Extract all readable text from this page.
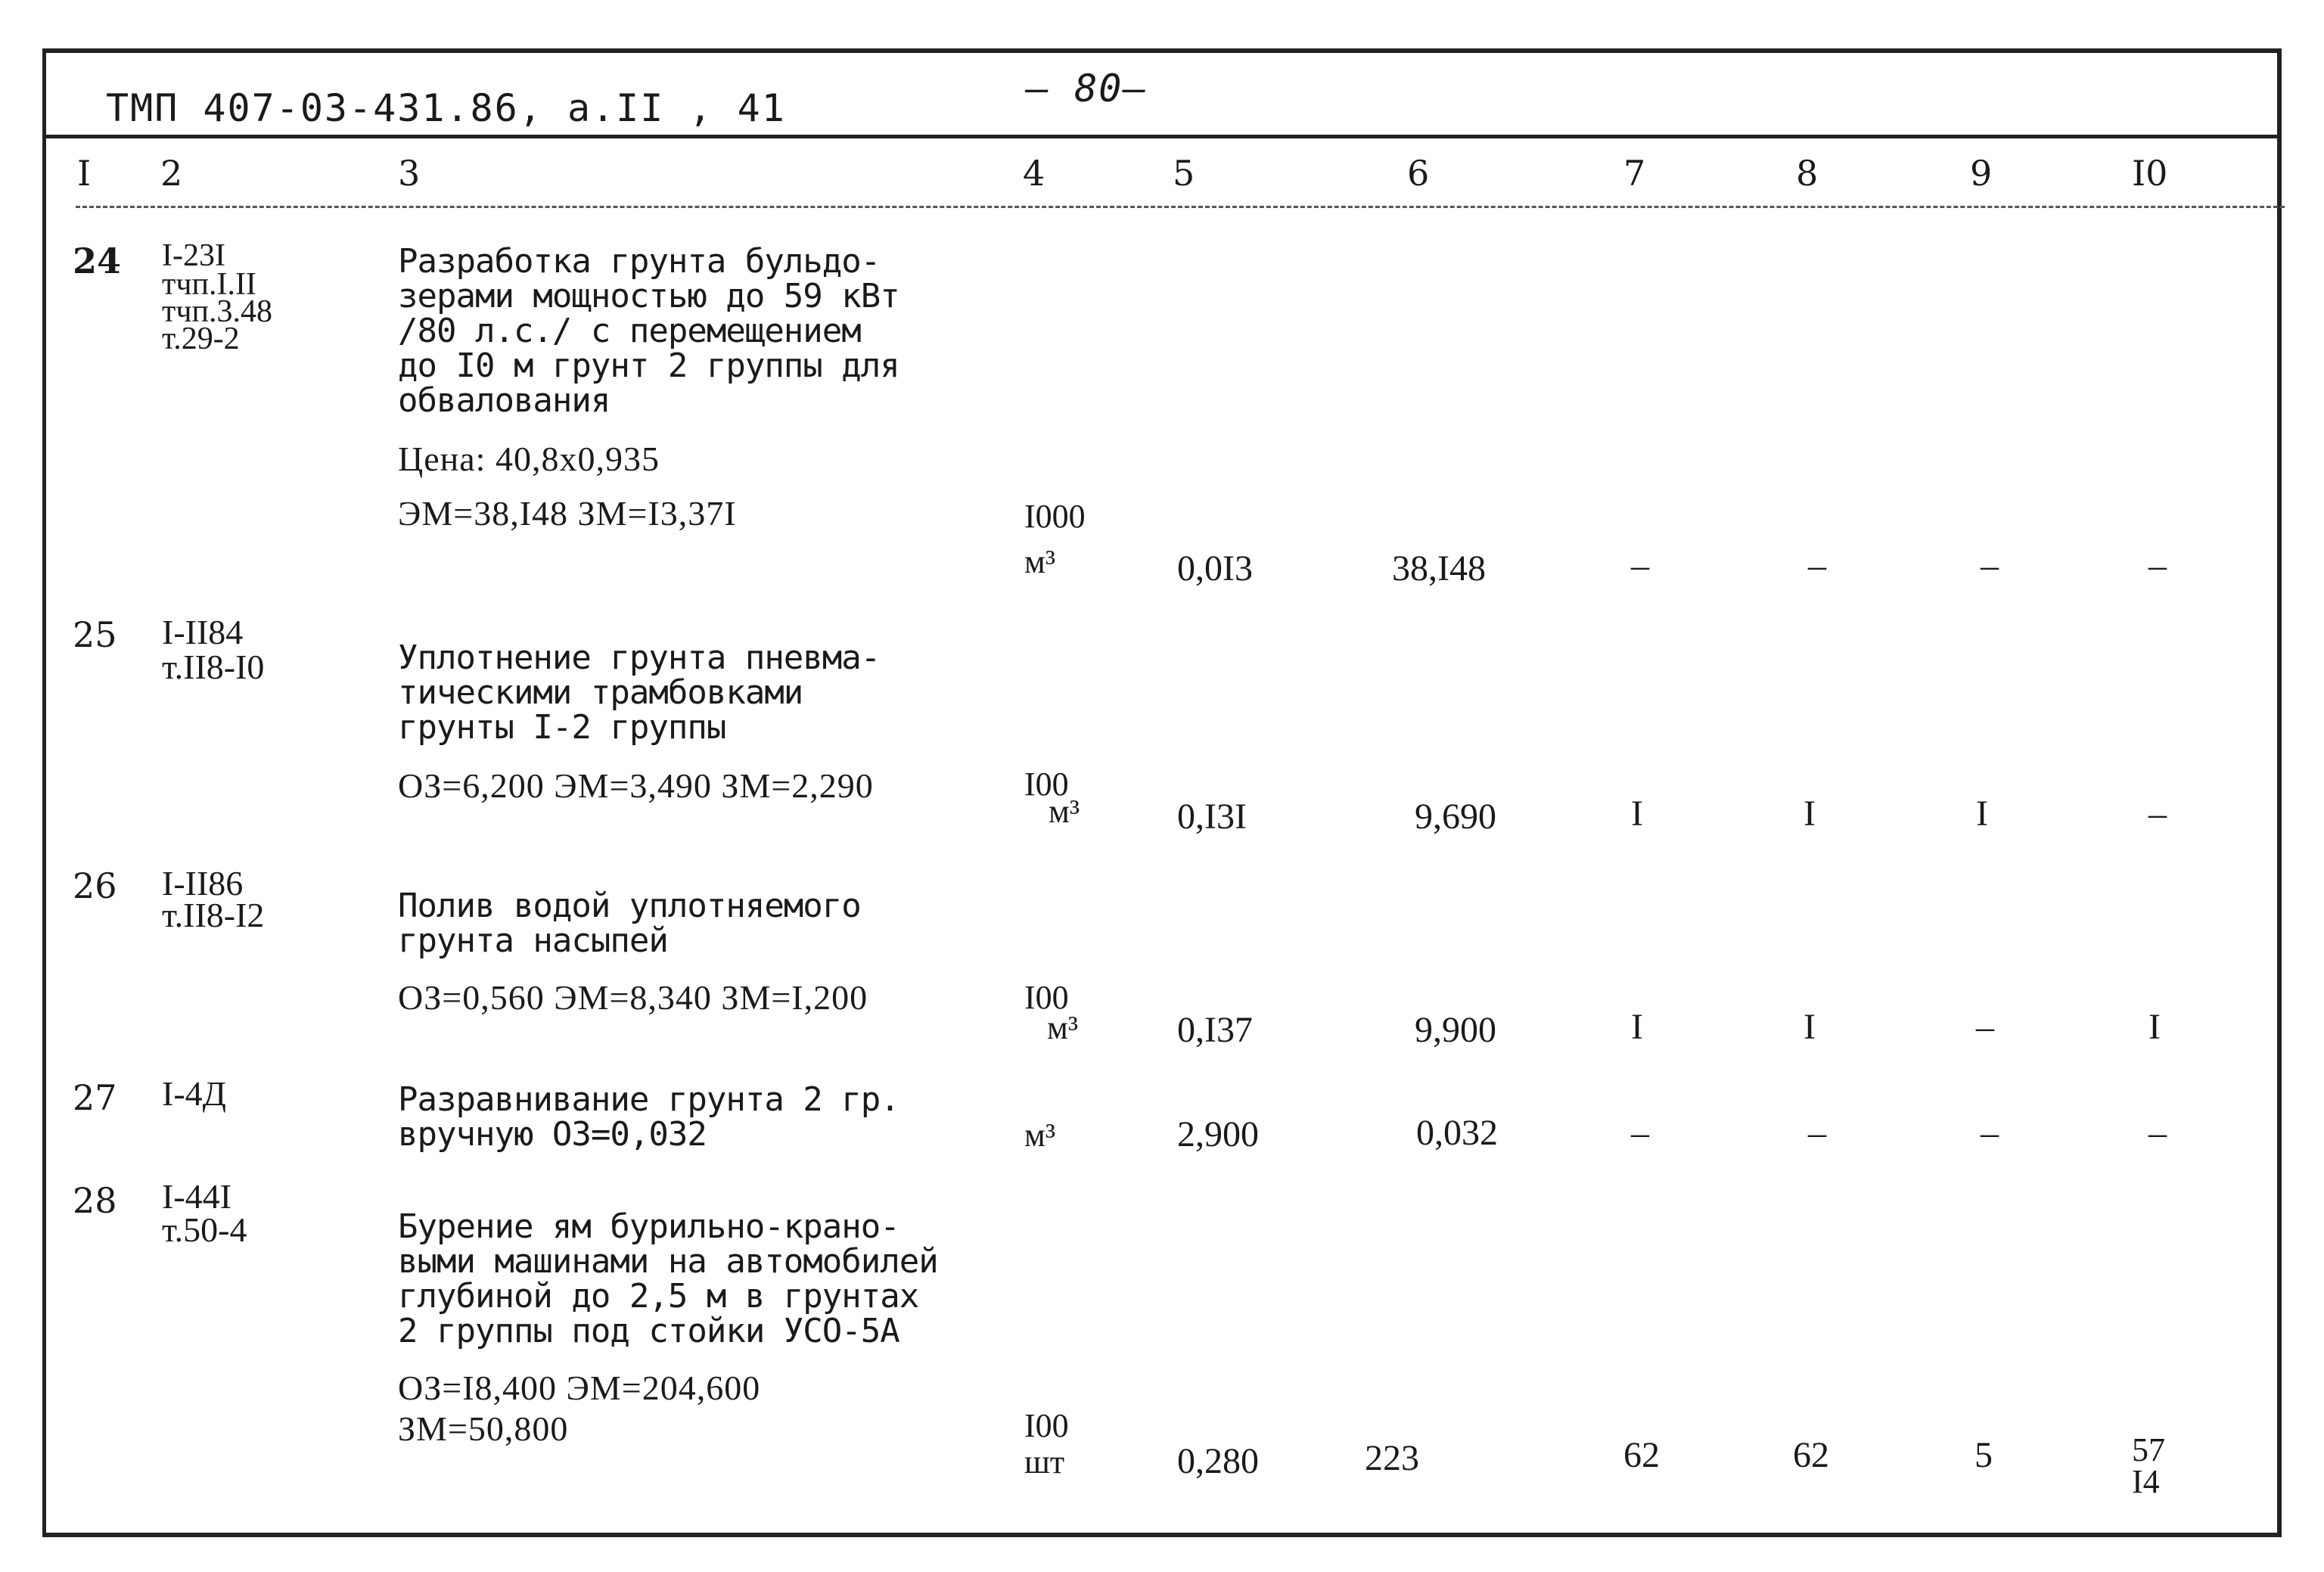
ТМП 407-03-431.86, a.II , 41	– 80–
I 2	3	4	5	6	7	8	9	I0
24 I-23I
тчп.I.II
тчп.3.48
т.29-2
Разработка грунта бульдо-
зерами мощностью до 59 кВт
/80 л.с./ с перемещением
до I0 м грунт 2 группы для
обвалования
Цена: 40,8x0,935
ЭМ=38,I48 ЗМ=I3,37I	I000
м³	0,0I3	38,I48	–	–	–	–
25 I-II84
т.II8-I0	Уплотнение грунта пневма-
тическими трамбовками
грунты I-2 группы
ОЗ=6,200 ЭМ=3,490 ЗМ=2,290	I00
м³	0,I3I	9,690	I	I	I	–
26 I-II86
т.II8-I2	Полив водой уплотняемого
грунта насыпей
ОЗ=0,560 ЭМ=8,340 ЗМ=I,200	I00
м³	0,I37	9,900	I	I	–	I
27 I-4Д	Разравнивание грунта 2 гр.
вручную ОЗ=0,032	м³	2,900	0,032	–	–	–	–
28 I-44I
т.50-4	Бурение ям бурильно-крано-
выми машинами на автомобилей
глубиной до 2,5 м в грунтах
2 группы под стойки УСО-5А
ОЗ=I8,400 ЭМ=204,600
ЗМ=50,800	I00
шт	0,280	223	62	62	5	57
I4
